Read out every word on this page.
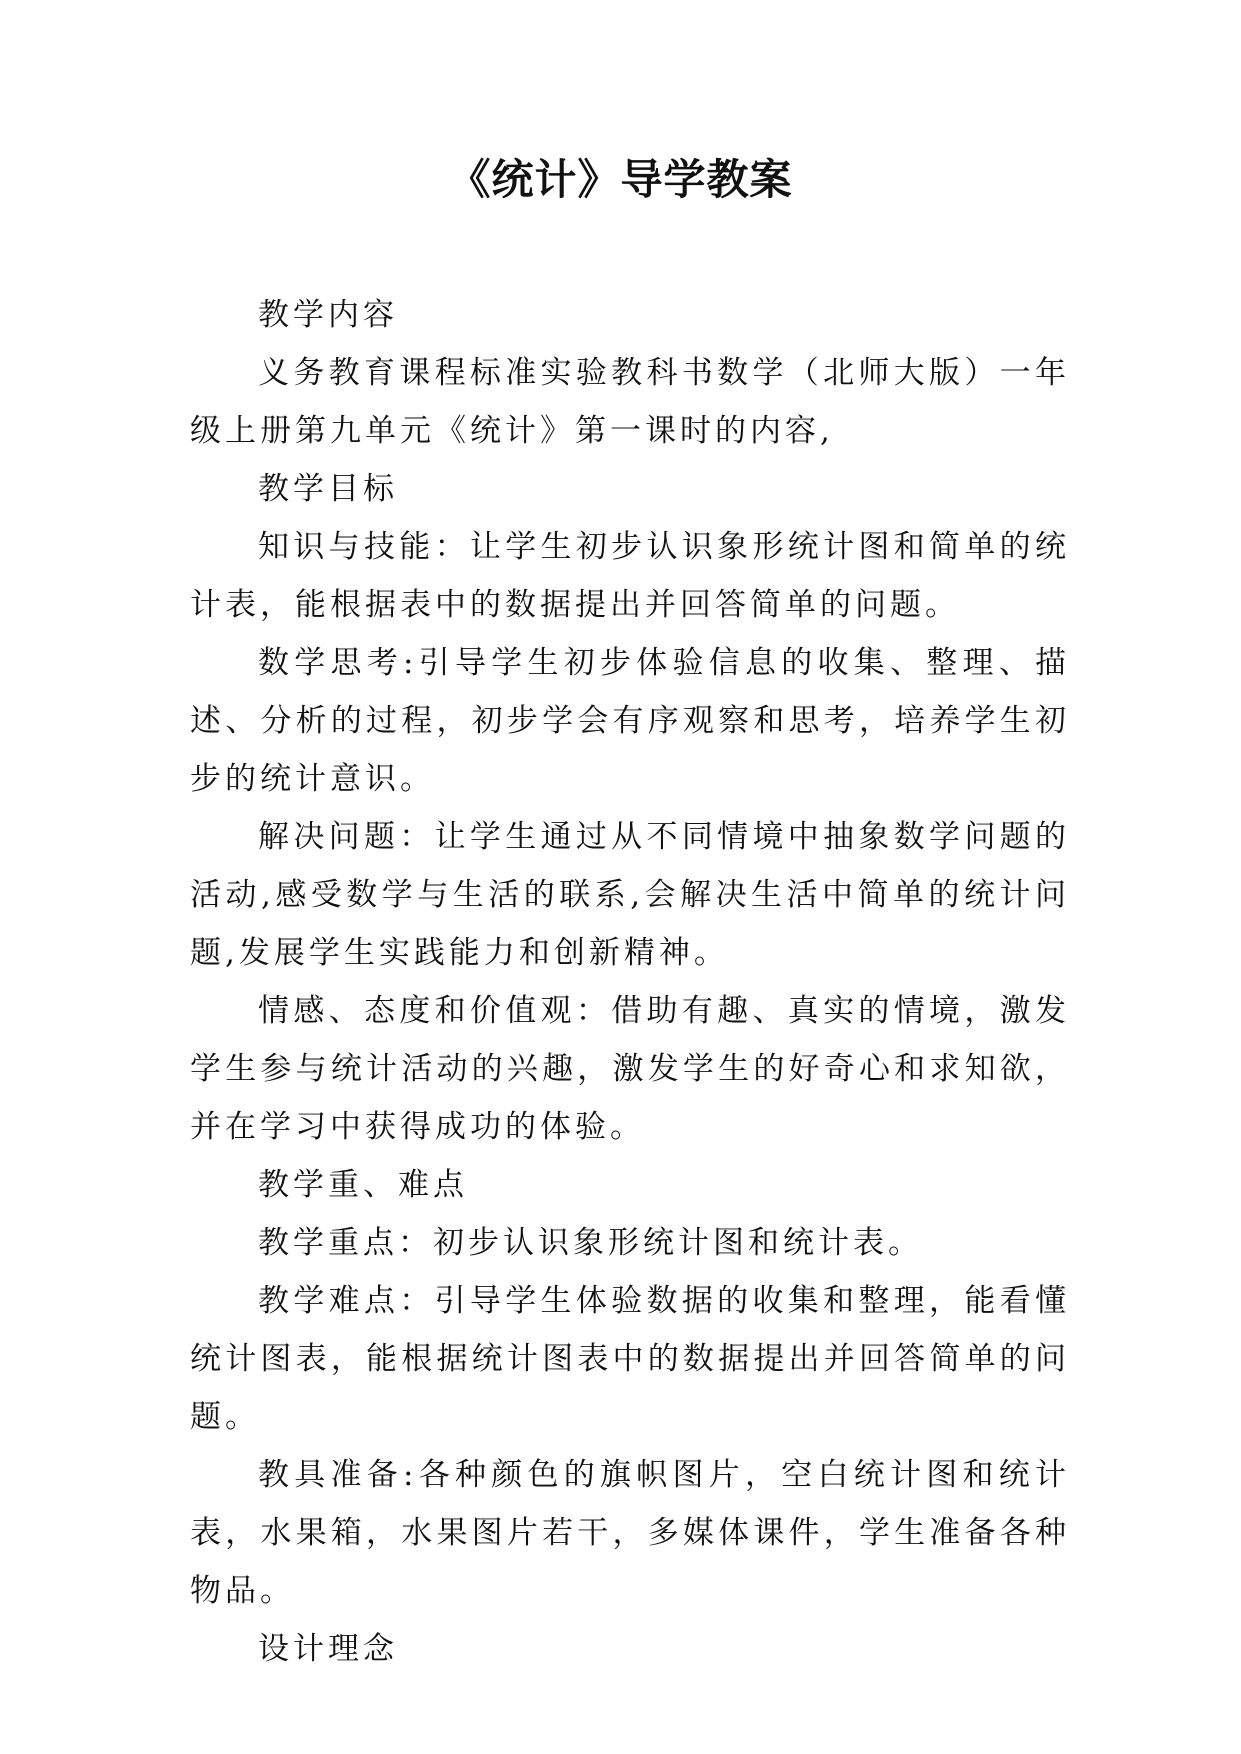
《统计》导学教案

教学内容

义务教育课程标准实验教科书数学（北师大版）一年级上册第九单元《统计》第一课时的内容,

教学目标

知识与技能：让学生初步认识象形统计图和简单的统计表，能根据表中的数据提出并回答简单的问题。

数学思考:引导学生初步体验信息的收集、整理、描述、分析的过程，初步学会有序观察和思考，培养学生初步的统计意识。

解决问题：让学生通过从不同情境中抽象数学问题的活动,感受数学与生活的联系,会解决生活中简单的统计问题,发展学生实践能力和创新精神。

情感、态度和价值观：借助有趣、真实的情境，激发学生参与统计活动的兴趣，激发学生的好奇心和求知欲，并在学习中获得成功的体验。

教学重、难点

教学重点：初步认识象形统计图和统计表。

教学难点：引导学生体验数据的收集和整理，能看懂统计图表，能根据统计图表中的数据提出并回答简单的问题。

教具准备:各种颜色的旗帜图片，空白统计图和统计表，水果箱，水果图片若干，多媒体课件，学生准备各种物品。

设计理念
